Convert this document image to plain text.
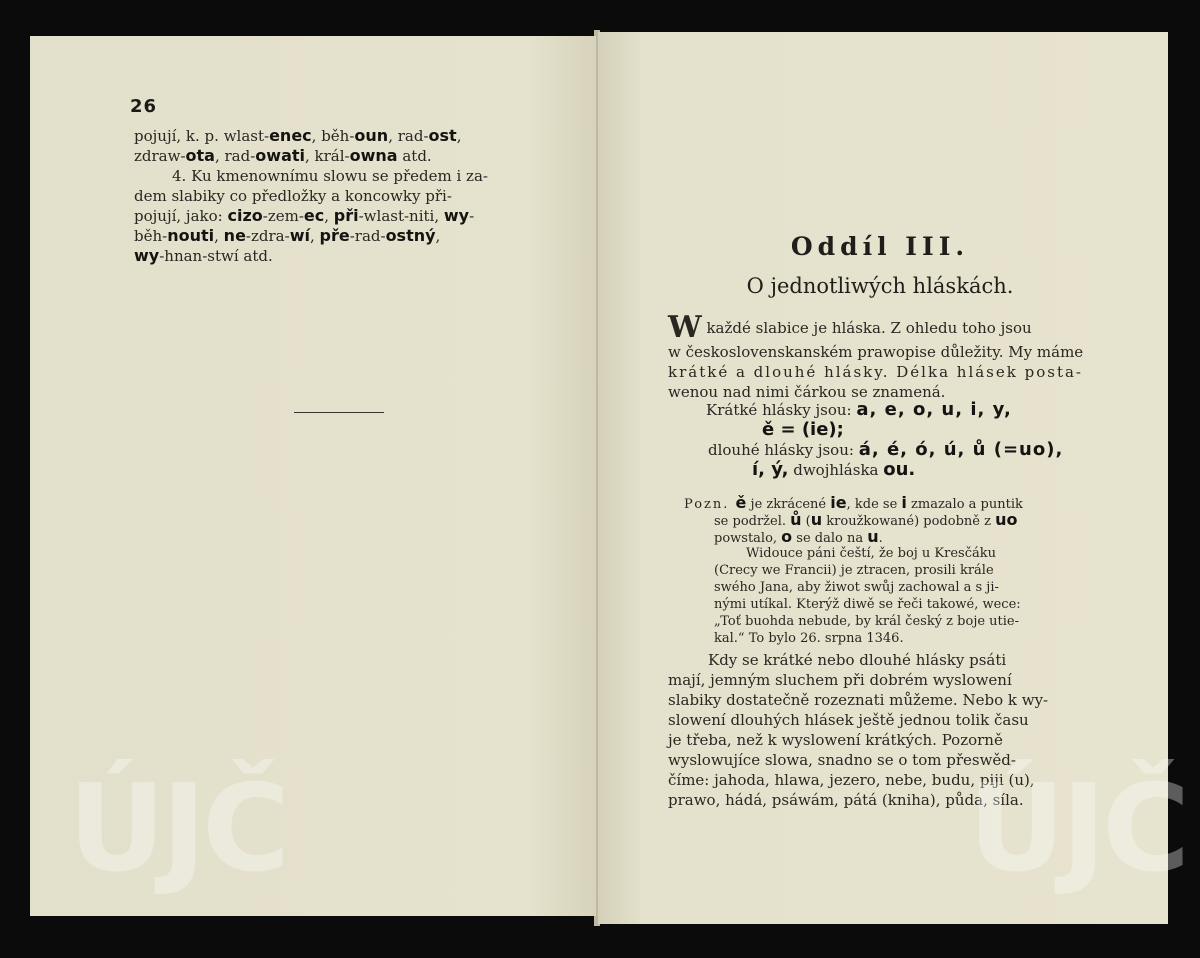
26
pojují, k. p. wlast-enec, běh-oun, rad-ost,
zdraw-ota, rad-owati, král-owna atd.
4. Ku kmenownímu slowu se předem i za-
dem slabiky co předložky a koncowky při-
pojují, jako: cizo-zem-ec, při-wlast-niti, wy-
běh-nouti, ne-zdra-wí, pře-rad-ostný,
wy-hnan-stwí atd.	Oddíl III.
O jednotliwých hláskách.
W každé slabice je hláska. Z ohledu toho jsou
w československanském prawopise důležity. My máme
krátké a dlouhé hlásky. Délka hlásek posta-
wenou nad nimi čárkou se znamená.
Krátké hlásky jsou: a, e, o, u, i, y,
ě = (ie);
dlouhé hlásky jsou: á, é, ó, ú, ů (=uo),
í, ý, dwojhláska ou.
Pozn. ě je zkrácené ie, kde se i zmazalo a puntik
se podržel. ů (u kroužkowané) podobně z uo
powstalo, o se dalo na u.
Widouce páni čeští, že boj u Kresčáku
(Crecy we Francii) je ztracen, prosili krále
swého Jana, aby žiwot swůj zachowal a s ji-
nými utíkal. Kterýž diwě se řeči takowé, wece:
„Toť buohda nebude, by král český z boje utie-
kal.“ To bylo 26. srpna 1346.
Kdy se krátké nebo dlouhé hlásky psáti
mají, jemným sluchem při dobrém wyslowení
slabiky dostatečně rozeznati můžeme. Nebo k wy-
slowení dlouhých hlásek ještě jednou tolik času
je třeba, než k wyslowení krátkých. Pozorně
wyslowujíce slowa, snadno se o tom přeswěd-
číme: jahoda, hlawa, jezero, nebe, budu, piji (u),
prawo, hádá, psáwám, pátá (kniha), půda, síla.
ÚJČ	ÚJČ
